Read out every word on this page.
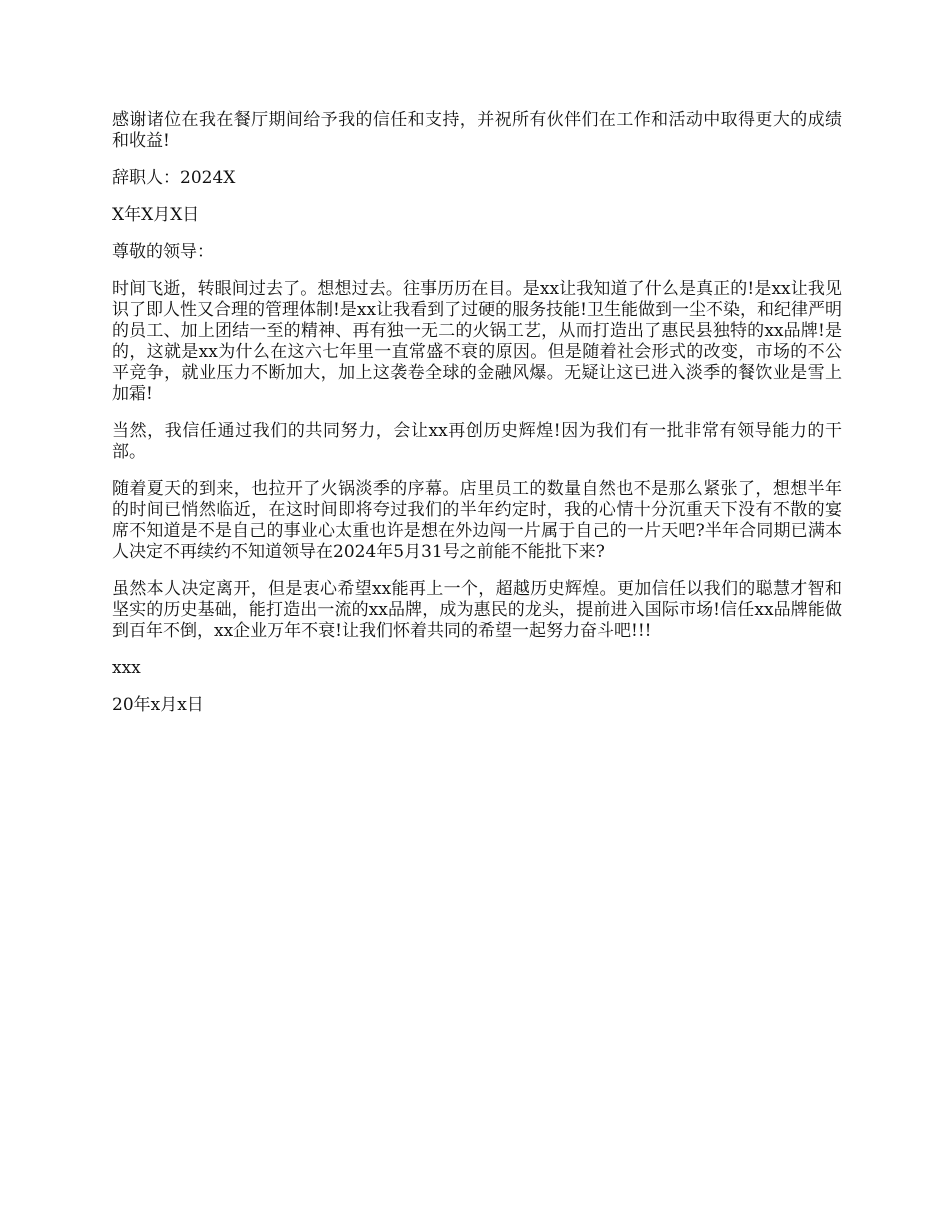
感谢诸位在我在餐厅期间给予我的信任和支持，并祝所有伙伴们在工作和活动中取得更大的成绩和收益!

辞职人：2024X

X年X月X日

尊敬的领导：

时间飞逝，转眼间过去了。想想过去。往事历历在目。是xx让我知道了什么是真正的!是xx让我见识了即人性又合理的管理体制!是xx让我看到了过硬的服务技能!卫生能做到一尘不染，和纪律严明的员工、加上团结一至的精神、再有独一无二的火锅工艺，从而打造出了惠民县独特的xx品牌!是的，这就是xx为什么在这六七年里一直常盛不衰的原因。但是随着社会形式的改变，市场的不公平竞争，就业压力不断加大，加上这袭卷全球的金融风爆。无疑让这已进入淡季的餐饮业是雪上加霜!

当然，我信任通过我们的共同努力，会让xx再创历史辉煌!因为我们有一批非常有领导能力的干部。

随着夏天的到来，也拉开了火锅淡季的序幕。店里员工的数量自然也不是那么紧张了，想想半年的时间已悄然临近，在这时间即将夸过我们的半年约定时，我的心情十分沉重天下没有不散的宴席不知道是不是自己的事业心太重也许是想在外边闯一片属于自己的一片天吧?半年合同期已满本人决定不再续约不知道领导在2024年5月31号之前能不能批下来?

虽然本人决定离开，但是衷心希望xx能再上一个，超越历史辉煌。更加信任以我们的聪慧才智和坚实的历史基础，能打造出一流的xx品牌，成为惠民的龙头，提前进入国际市场!信任xx品牌能做到百年不倒，xx企业万年不衰!让我们怀着共同的希望一起努力奋斗吧!!!

xxx

20年x月x日
